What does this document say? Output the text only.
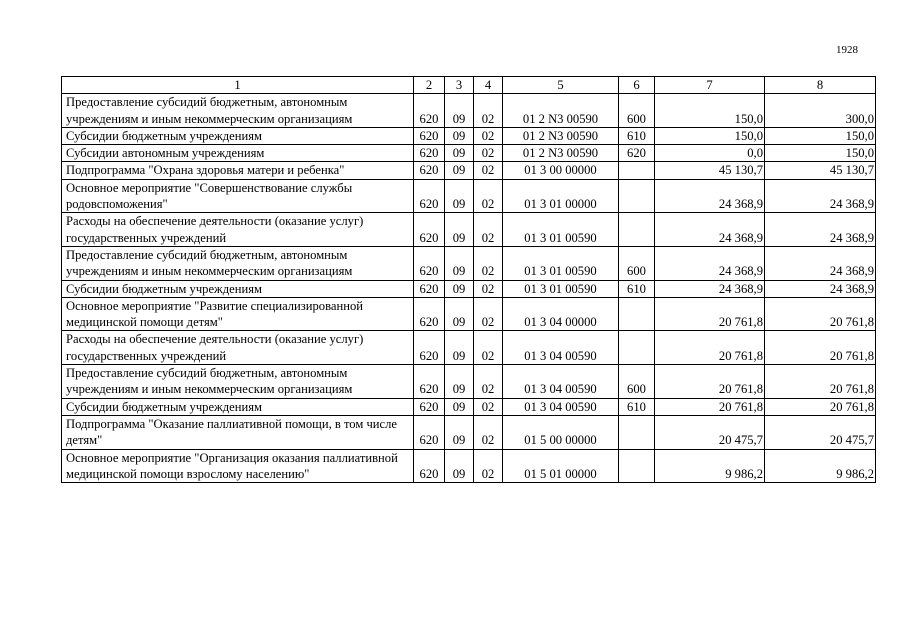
1928
1	2	3	4	5	6	7	8
Предоставление субсидий бюджетным, автономным учреждениям и иным некоммерческим организациям	620	09	02	01 2 N3 00590	600	150,0	300,0
Субсидии бюджетным учреждениям	620	09	02	01 2 N3 00590	610	150,0	150,0
Субсидии автономным учреждениям	620	09	02	01 2 N3 00590	620	0,0	150,0
Подпрограмма "Охрана здоровья матери и ребенка"	620	09	02	01 3 00 00000		45 130,7	45 130,7
Основное мероприятие "Совершенствование службы родовспоможения"	620	09	02	01 3 01 00000		24 368,9	24 368,9
Расходы на обеспечение деятельности (оказание услуг) государственных учреждений	620	09	02	01 3 01 00590		24 368,9	24 368,9
Предоставление субсидий бюджетным, автономным учреждениям и иным некоммерческим организациям	620	09	02	01 3 01 00590	600	24 368,9	24 368,9
Субсидии бюджетным учреждениям	620	09	02	01 3 01 00590	610	24 368,9	24 368,9
Основное мероприятие "Развитие специализированной медицинской помощи детям"	620	09	02	01 3 04 00000		20 761,8	20 761,8
Расходы на обеспечение деятельности (оказание услуг) государственных учреждений	620	09	02	01 3 04 00590		20 761,8	20 761,8
Предоставление субсидий бюджетным, автономным учреждениям и иным некоммерческим организациям	620	09	02	01 3 04 00590	600	20 761,8	20 761,8
Субсидии бюджетным учреждениям	620	09	02	01 3 04 00590	610	20 761,8	20 761,8
Подпрограмма "Оказание паллиативной помощи, в том числе детям"	620	09	02	01 5 00 00000		20 475,7	20 475,7
Основное мероприятие "Организация оказания паллиативной медицинской помощи взрослому населению"	620	09	02	01 5 01 00000		9 986,2	9 986,2
